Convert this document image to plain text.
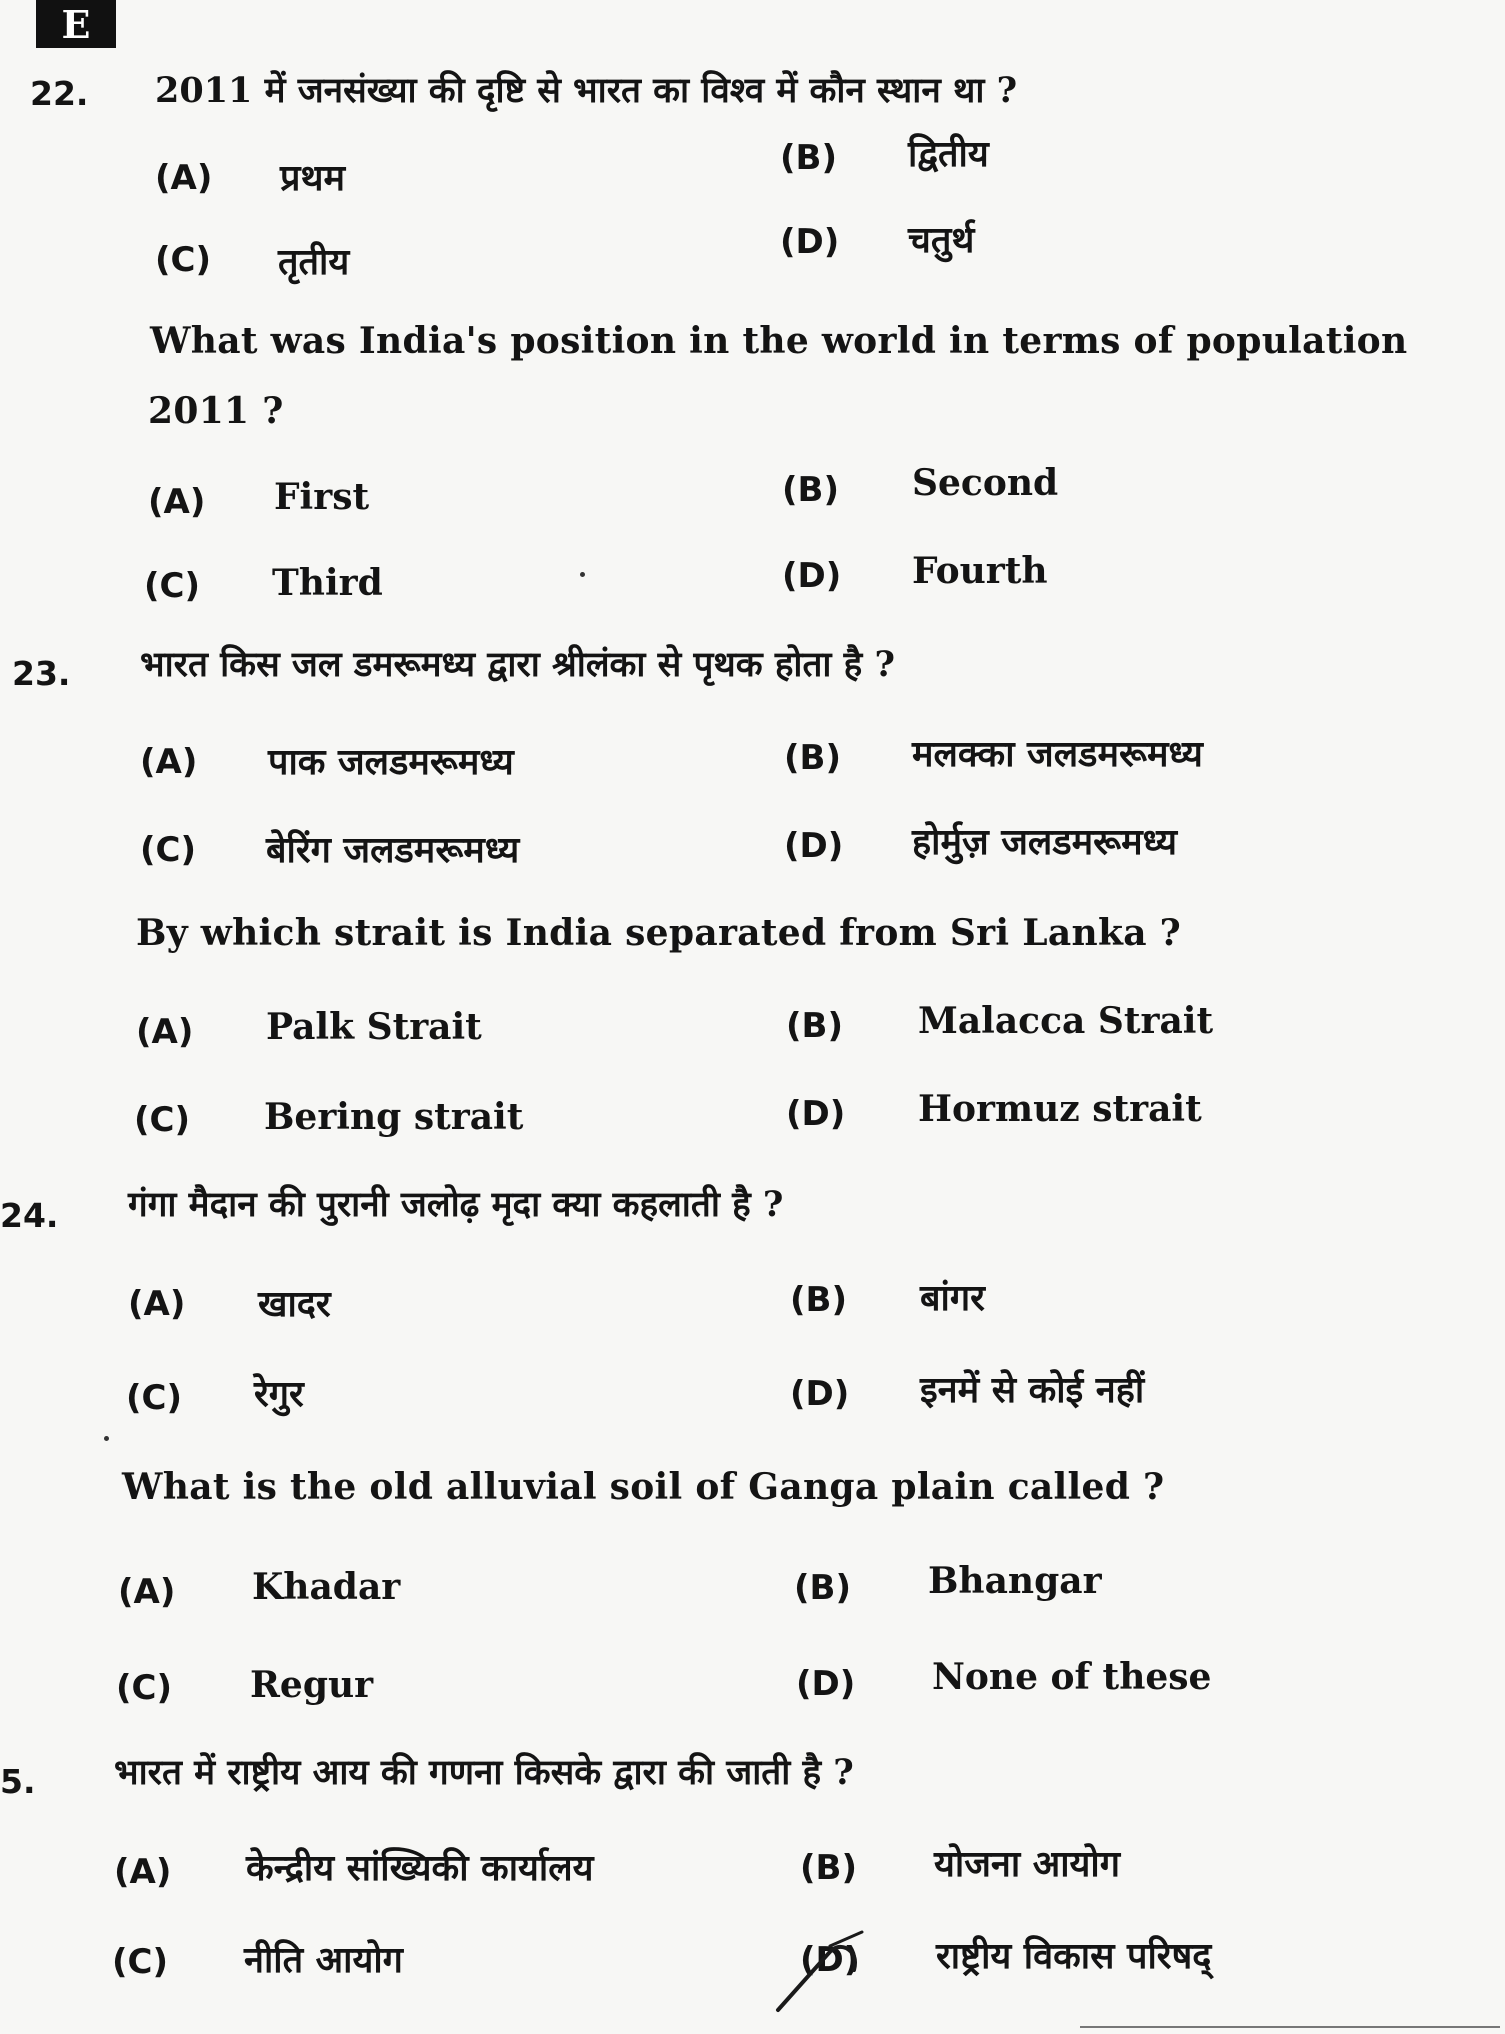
E
22. 2011 में जनसंख्या की दृष्टि से भारत का विश्व में कौन स्थान था ?
(A) प्रथम	(B) द्वितीय
(C) तृतीय	(D) चतुर्थ
What was India's position in the world in terms of population
2011 ?
(A) First	(B) Second
(C) Third	(D) Fourth
23. भारत किस जल डमरूमध्य द्वारा श्रीलंका से पृथक होता है ?
(A) पाक जलडमरूमध्य	(B) मलक्का जलडमरूमध्य
(C) बेरिंग जलडमरूमध्य	(D) होर्मुज़ जलडमरूमध्य
By which strait is India separated from Sri Lanka ?
(A) Palk Strait	(B) Malacca Strait
(C) Bering strait	(D) Hormuz strait
24. गंगा मैदान की पुरानी जलोढ़ मृदा क्या कहलाती है ?
(A) खादर	(B) बांगर
(C) रेगुर	(D) इनमें से कोई नहीं
What is the old alluvial soil of Ganga plain called ?
(A) Khadar	(B) Bhangar
(C) Regur	(D) None of these
5. भारत में राष्ट्रीय आय की गणना किसके द्वारा की जाती है ?
(A) केन्द्रीय सांख्यिकी कार्यालय	(B) योजना आयोग
(C) नीति आयोग	(D) राष्ट्रीय विकास परिषद्
